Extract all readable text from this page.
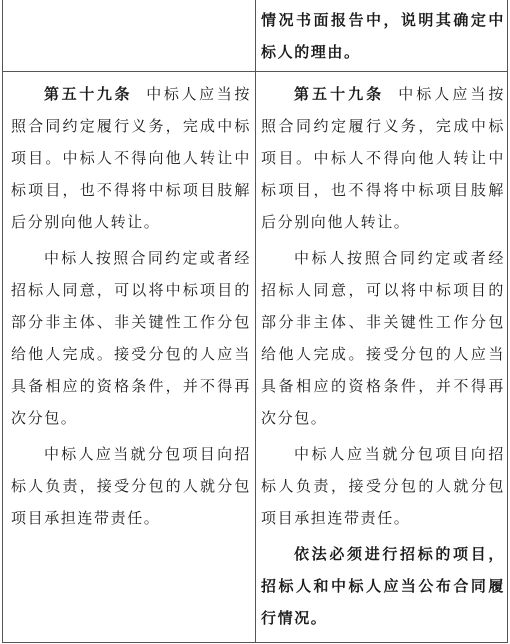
情况书面报告中，说明其确定中标人的理由。

第五十九条 中标人应当按照合同约定履行义务，完成中标项目。中标人不得向他人转让中标项目，也不得将中标项目肢解后分别向他人转让。

中标人按照合同约定或者经招标人同意，可以将中标项目的部分非主体、非关键性工作分包给他人完成。接受分包的人应当具备相应的资格条件，并不得再次分包。

中标人应当就分包项目向招标人负责，接受分包的人就分包项目承担连带责任。

第五十九条 中标人应当按照合同约定履行义务，完成中标项目。中标人不得向他人转让中标项目，也不得将中标项目肢解后分别向他人转让。

中标人按照合同约定或者经招标人同意，可以将中标项目的部分非主体、非关键性工作分包给他人完成。接受分包的人应当具备相应的资格条件，并不得再次分包。

中标人应当就分包项目向招标人负责，接受分包的人就分包项目承担连带责任。

依法必须进行招标的项目，招标人和中标人应当公布合同履行情况。
